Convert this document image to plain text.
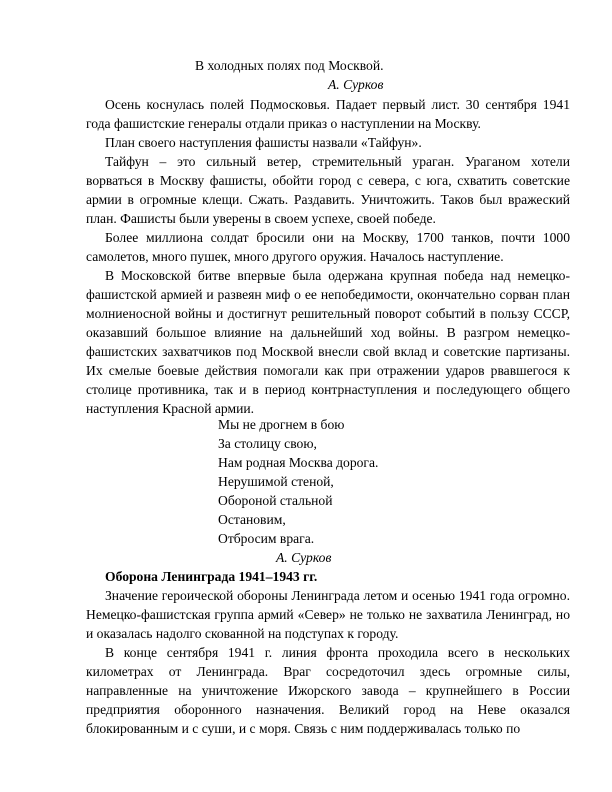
В холодных полях под Москвой.
А. Сурков

Осень коснулась полей Подмосковья. Падает первый лист. 30 сентября 1941 года фашистские генералы отдали приказ о наступлении на Москву.

План своего наступления фашисты назвали «Тайфун».

Тайфун – это сильный ветер, стремительный ураган. Ураганом хотели ворваться в Москву фашисты, обойти город с севера, с юга, схватить советские армии в огромные клещи. Сжать. Раздавить. Уничтожить. Таков был вражеский план. Фашисты были уверены в своем успехе, своей победе.

Более миллиона солдат бросили они на Москву, 1700 танков, почти 1000 самолетов, много пушек, много другого оружия. Началось наступление.

В Московской битве впервые была одержана крупная победа над немецко-фашистской армией и развеян миф о ее непобедимости, окончательно сорван план молниеносной войны и достигнут решительный поворот событий в пользу СССР, оказавший большое влияние на дальнейший ход войны. В разгром немецко-фашистских захватчиков под Москвой внесли свой вклад и советские партизаны. Их смелые боевые действия помогали как при отражении ударов рвавшегося к столице противника, так и в период контрнаступления и последующего общего наступления Красной армии.

Мы не дрогнем в бою
За столицу свою,
Нам родная Москва дорога.
Нерушимой стеной,
Обороной стальной
Остановим,
Отбросим врага.
А. Сурков

Оборона Ленинграда 1941–1943 гг.

Значение героической обороны Ленинграда летом и осенью 1941 года огромно. Немецко-фашистская группа армий «Север» не только не захватила Ленинград, но и оказалась надолго скованной на подступах к городу.

В конце сентября 1941 г. линия фронта проходила всего в нескольких километрах от Ленинграда. Враг сосредоточил здесь огромные силы, направленные на уничтожение Ижорского завода – крупнейшего в России предприятия оборонного назначения. Великий город на Неве оказался блокированным и с суши, и с моря. Связь с ним поддерживалась только по
